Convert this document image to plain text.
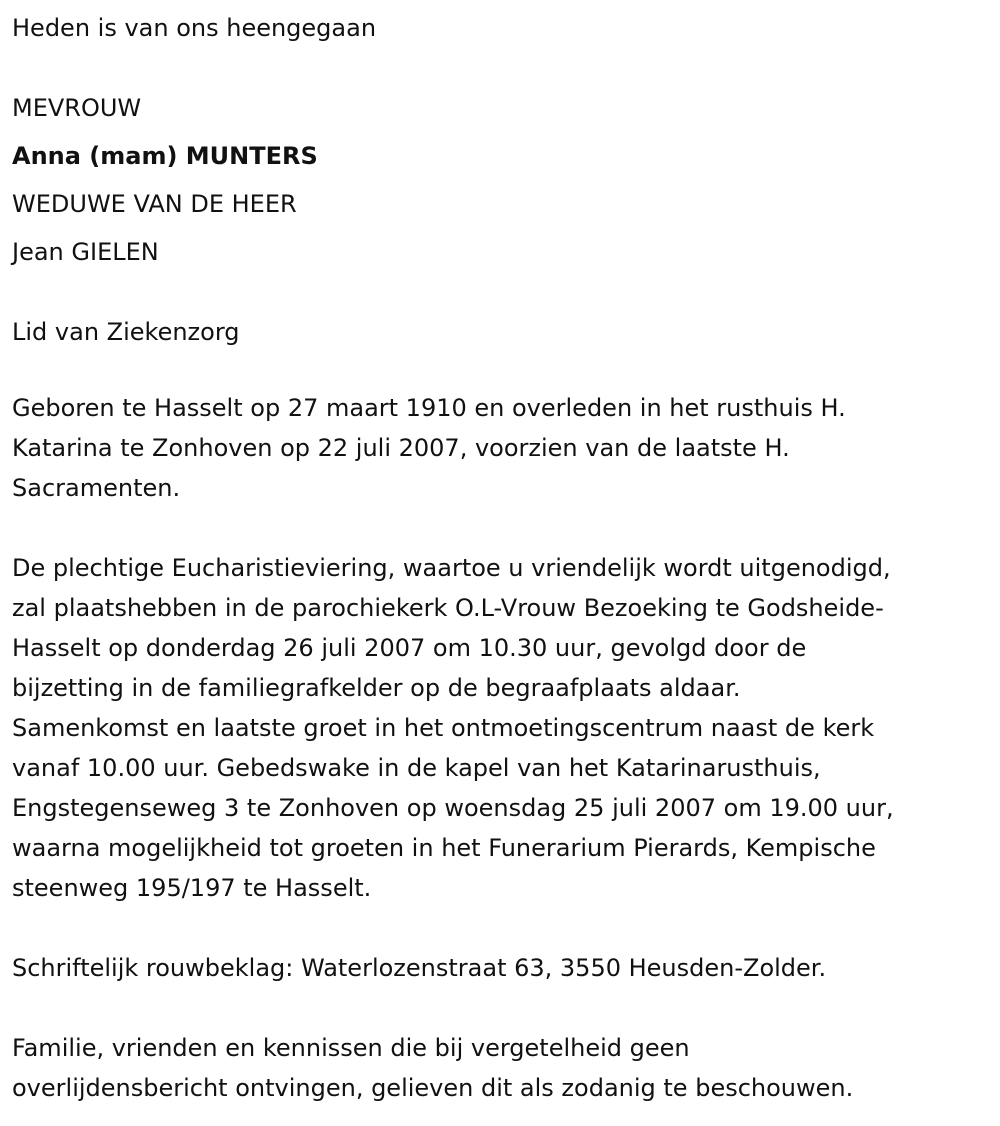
Heden is van ons heengegaan
MEVROUW
Anna (mam) MUNTERS
WEDUWE VAN DE HEER
Jean GIELEN
Lid van Ziekenzorg
Geboren te Hasselt op 27 maart 1910 en overleden in het rusthuis H.
Katarina te Zonhoven op 22 juli 2007, voorzien van de laatste H.
Sacramenten.
De plechtige Eucharistieviering, waartoe u vriendelijk wordt uitgenodigd,
zal plaatshebben in de parochiekerk O.L-Vrouw Bezoeking te Godsheide-
Hasselt op donderdag 26 juli 2007 om 10.30 uur, gevolgd door de
bijzetting in de familiegrafkelder op de begraafplaats aldaar.
Samenkomst en laatste groet in het ontmoetingscentrum naast de kerk
vanaf 10.00 uur. Gebedswake in de kapel van het Katarinarusthuis,
Engstegenseweg 3 te Zonhoven op woensdag 25 juli 2007 om 19.00 uur,
waarna mogelijkheid tot groeten in het Funerarium Pierards, Kempische
steenweg 195/197 te Hasselt.
Schriftelijk rouwbeklag: Waterlozenstraat 63, 3550 Heusden-Zolder.
Familie, vrienden en kennissen die bij vergetelheid geen
overlijdensbericht ontvingen, gelieven dit als zodanig te beschouwen.
